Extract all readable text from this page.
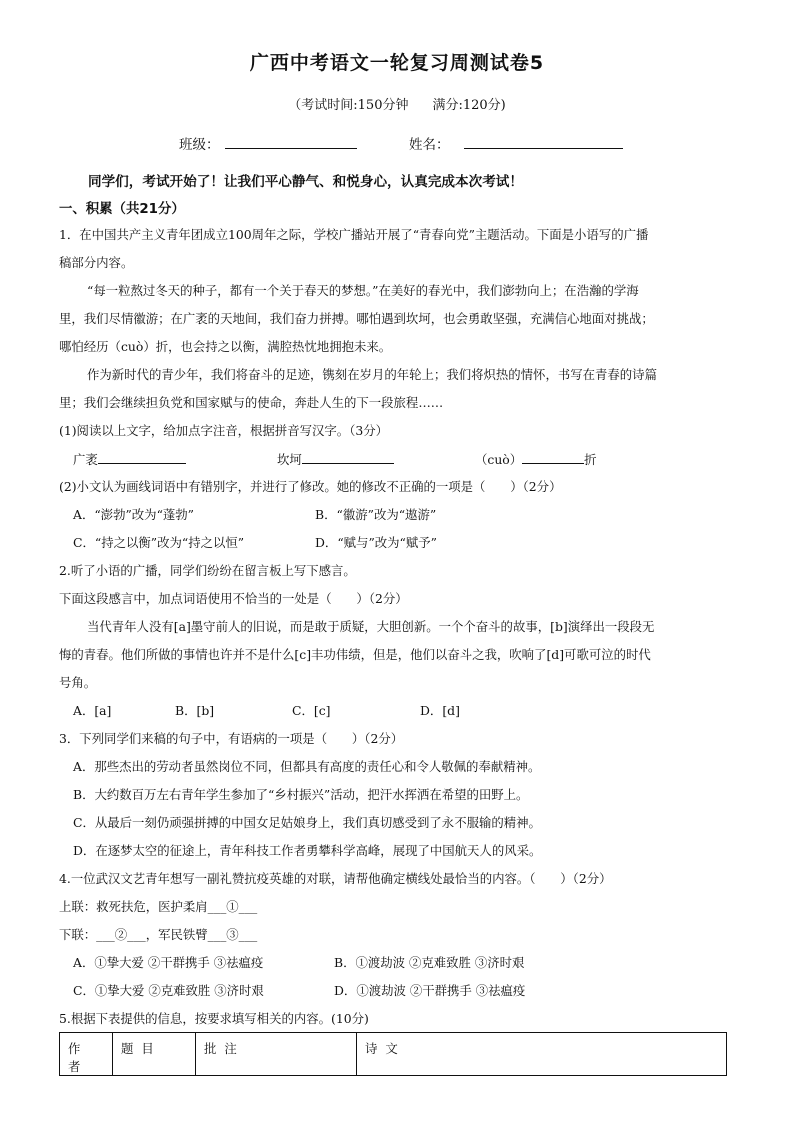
广西中考语文一轮复习周测试卷5
（考试时间:150分钟 满分:120分)
班级：	姓名：
同学们，考试开始了！让我们平心静气、和悦身心，认真完成本次考试！
一、积累（共21分）
1．在中国共产主义青年团成立100周年之际，学校广播站开展了“青春向党”主题活动。下面是小语写的广播
稿部分内容。
“每一粒熬过冬天的种子，都有一个关于春天的梦想。”在美好的春光中，我们澎勃向上；在浩瀚的学海
里，我们尽情徽游；在广袤的天地间，我们奋力拼搏。哪怕遇到坎坷，也会勇敢坚强，充满信心地面对挑战；
哪怕经历（cuò）折，也会持之以衡，满腔热忱地拥抱未来。
作为新时代的青少年，我们将奋斗的足迹，镌刻在岁月的年轮上；我们将炽热的情怀，书写在青春的诗篇
里；我们会继续担负党和国家赋与的使命，奔赴人生的下一段旅程……
(1)阅读以上文字，给加点字注音，根据拼音写汉字。（3分）
广袤	坎坷	（cuò）	折
(2)小文认为画线词语中有错别字，并进行了修改。她的修改不正确的一项是（　　）（2分）
A．“澎勃”改为“蓬勃”	B．“徽游”改为“遨游”
C．“持之以衡”改为“持之以恒”	D．“赋与”改为“赋予”
2.听了小语的广播，同学们纷纷在留言板上写下感言。
下面这段感言中，加点词语使用不恰当的一处是（　　）（2分）
当代青年人没有[a]墨守前人的旧说，而是敢于质疑，大胆创新。一个个奋斗的故事，[b]演绎出一段段无
悔的青春。他们所做的事情也许并不是什么[c]丰功伟绩，但是，他们以奋斗之我，吹响了[d]可歌可泣的时代
号角。
A．[a]	B．[b]	C．[c]	D．[d]
3．下列同学们来稿的句子中，有语病的一项是（　　）（2分）
A．那些杰出的劳动者虽然岗位不同，但都具有高度的责任心和令人敬佩的奉献精神。
B．大约数百万左右青年学生参加了“乡村振兴”活动，把汗水挥洒在希望的田野上。
C．从最后一刻仍顽强拼搏的中国女足姑娘身上，我们真切感受到了永不服输的精神。
D．在逐梦太空的征途上，青年科技工作者勇攀科学高峰，展现了中国航天人的风采。
4.一位武汉文艺青年想写一副礼赞抗疫英雄的对联，请帮他确定横线处最恰当的内容。（　　）（2分）
上联：救死扶危，医护柔肩___①___
下联：___②___，军民铁臂___③___
A．①挚大爱 ②干群携手 ③祛瘟疫	B．①渡劫波 ②克难致胜 ③济时艰
C．①挚大爱 ②克难致胜 ③济时艰	D．①渡劫波 ②干群携手 ③祛瘟疫
5.根据下表提供的信息，按要求填写相关的内容。(10分)
作者	题目	批注	诗文
